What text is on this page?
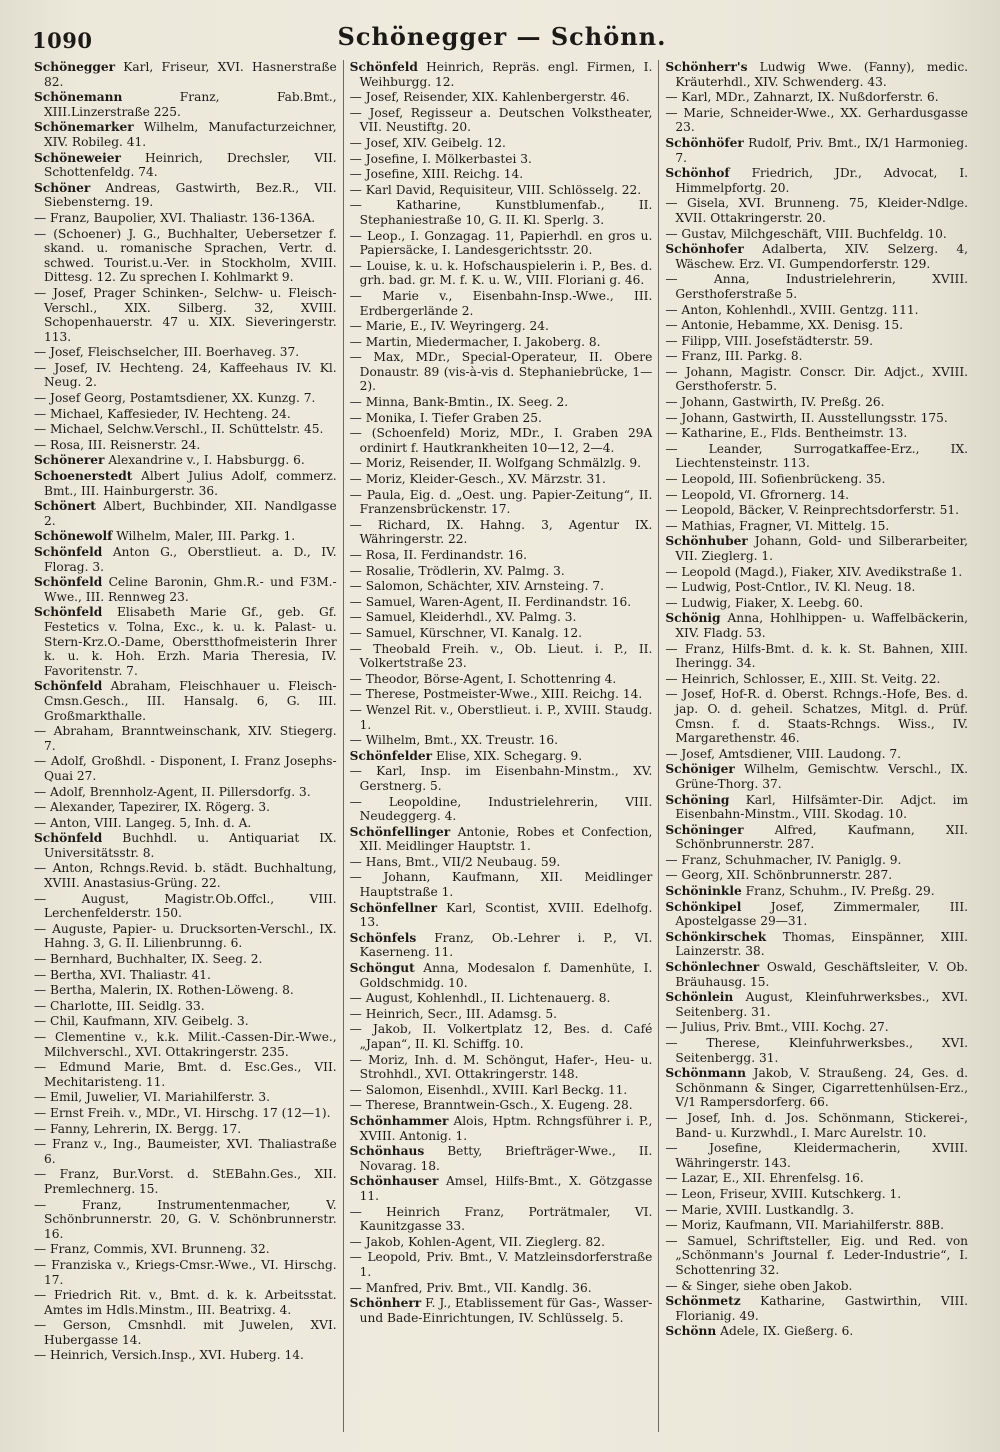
1090	Schönegger — Schönn.
Schönegger Karl, Friseur, XVI. Hasnerstraße 82.
Schönemann	Franz, Fab.Bmt., XIII.Linzerstraße 225.
Schönemarker Wilhelm, Manufacturzeichner, XIV. Robileg. 41.
Schöneweier Heinrich, Drechsler, VII. Schottenfeldg. 74.
Schöner Andreas, Gastwirth, Bez.R., VII. Siebensterng. 19.
— Franz, Baupolier, XVI. Thaliastr. 136-136A.
— (Schoener) J. G., Buchhalter, Uebersetzer f. skand. u. romanische Sprachen, Vertr. d. schwed. Tourist.u.-Ver. in Stockholm, XVIII. Dittesg. 12. Zu sprechen I. Kohlmarkt 9.
— Josef, Prager Schinken-, Selchw- u. Fleisch-Verschl., XIX. Silberg. 32, XVIII. Schopenhauerstr. 47 u. XIX. Sieveringerstr. 113.
— Josef, Fleischselcher, III. Boerhaveg. 37.
— Josef, IV. Hechteng. 24, Kaffeehaus IV. Kl. Neug. 2.
— Josef Georg, Postamtsdiener, XX. Kunzg. 7.
— Michael, Kaffesieder, IV. Hechteng. 24.
— Michael, Selchw.Verschl., II. Schüttelstr. 45.
— Rosa, III. Reisnerstr. 24.
Schönerer Alexandrine v., I. Habsburgg. 6.
Schoenerstedt Albert Julius Adolf, commerz. Bmt., III. Hainburgerstr. 36.
Schönert Albert, Buchbinder, XII. Nandlgasse 2.
Schönewolf Wilhelm, Maler, III. Parkg. 1.
Schönfeld Anton G., Oberstlieut. a. D., IV. Florag. 3.
Schönfeld Celine Baronin, Ghm.R.- und F3M.-Wwe., III. Rennweg 23.
Schönfeld Elisabeth Marie Gf., geb. Gf. Festetics v. Tolna, Exc., k. u. k. Palast- u. Stern-Krz.O.-Dame, Oberstthofmeisterin Ihrer k. u. k. Hoh. Erzh. Maria Theresia, IV. Favoritenstr. 7.
Schönfeld Abraham, Fleischhauer u. Fleisch-Cmsn.Gesch., III. Hansalg. 6, G. III. Großmarkthalle.
— Abraham, Branntweinschank, XIV. Stiegerg. 7.
— Adolf, Großhdl. - Disponent, I. Franz Josephs-Quai 27.
— Adolf, Brennholz-Agent, II. Pillersdorfg. 3.
— Alexander, Tapezirer, IX. Rögerg. 3.
— Anton, VIII. Langeg. 5, Inh. d. A.
Schönfeld Buchhdl. u. Antiquariat IX. Universitätsstr. 8.
— Anton, Rchngs.Revid. b. städt. Buchhaltung, XVIII. Anastasius-Grüng. 22.
— August, Magistr.Ob.Offcl., VIII. Lerchenfelderstr. 150.
— Auguste, Papier- u. Drucksorten-Verschl., IX. Hahng. 3, G. II. Lilienbrunng. 6.
— Bernhard, Buchhalter, IX. Seeg. 2.
— Bertha, XVI. Thaliastr. 41.
— Bertha, Malerin, IX. Rothen-Löweng. 8.
— Charlotte, III. Seidlg. 33.
— Chil, Kaufmann, XIV. Geibelg. 3.
— Clementine v., k.k. Milit.-Cassen-Dir.-Wwe., Milchverschl., XVI. Ottakringerstr. 235.
— Edmund Marie, Bmt. d. Esc.Ges., VII. Mechitaristeng. 11.
— Emil, Juwelier, VI. Mariahilferstr. 3.
— Ernst Freih. v., MDr., VI. Hirschg. 17 (12—1).
— Fanny, Lehrerin, IX. Bergg. 17.
— Franz v., Ing., Baumeister, XVI. Thaliastraße 6.
— Franz, Bur.Vorst. d. StEBahn.Ges., XII. Premlechnerg. 15.
— Franz, Instrumentenmacher, V. Schönbrunnerstr. 20, G. V. Schönbrunnerstr. 16.
— Franz, Commis, XVI. Brunneng. 32.
— Franziska v., Kriegs-Cmsr.-Wwe., VI. Hirschg. 17.
— Friedrich Rit. v., Bmt. d. k. k. Arbeitsstat. Amtes im Hdls.Minstm., III. Beatrixg. 4.
— Gerson, Cmsnhdl. mit Juwelen, XVI. Hubergasse 14.
— Heinrich, Versich.Insp., XVI. Huberg. 14.
Schönfeld Heinrich, Repräs. engl. Firmen, I. Weihburgg. 12.
— Josef, Reisender, XIX. Kahlenbergerstr. 46.
— Josef, Regisseur a. Deutschen Volkstheater, VII. Neustiftg. 20.
— Josef, XIV. Geibelg. 12.
— Josefine, I. Mölkerbastei 3.
— Josefine, XIII. Reichg. 14.
— Karl David, Requisiteur, VIII. Schlösselg. 22.
— Katharine, Kunstblumenfab., II. Stephaniestraße 10, G. II. Kl. Sperlg. 3.
— Leop., I. Gonzagag. 11, Papierhdl. en gros u. Papiersäcke, I. Landesgerichtsstr. 20.
— Louise, k. u. k. Hofschauspielerin i. P., Bes. d. grh. bad. gr. M. f. K. u. W., VIII. Floriani g. 46.
— Marie v., Eisenbahn-Insp.-Wwe., III. Erdbergerlände 2.
— Marie, E., IV. Weyringerg. 24.
— Martin, Miedermacher, I. Jakoberg. 8.
— Max, MDr., Special-Operateur, II. Obere Donaustr. 89 (vis-à-vis d. Stephaniebrücke, 1—2).
— Minna, Bank-Bmtin., IX. Seeg. 2.
— Monika, I. Tiefer Graben 25.
— (Schoenfeld) Moriz, MDr., I. Graben 29A ordinirt f. Hautkrankheiten 10—12, 2—4.
— Moriz, Reisender, II. Wolfgang Schmälzlg. 9.
— Moriz, Kleider-Gesch., XV. Märzstr. 31.
— Paula, Eig. d. „Oest. ung. Papier-Zeitung“, II. Franzensbrückenstr. 17.
— Richard, IX. Hahng. 3, Agentur IX. Währingerstr. 22.
— Rosa, II. Ferdinandstr. 16.
— Rosalie, Trödlerin, XV. Palmg. 3.
— Salomon, Schächter, XIV. Arnsteing. 7.
— Samuel, Waren-Agent, II. Ferdinandstr. 16.
— Samuel, Kleiderhdl., XV. Palmg. 3.
— Samuel, Kürschner, VI. Kanalg. 12.
— Theobald Freih. v., Ob. Lieut. i. P., II. Volkertstraße 23.
— Theodor, Börse-Agent, I. Schottenring 4.
— Therese, Postmeister-Wwe., XIII. Reichg. 14.
— Wenzel Rit. v., Oberstlieut. i. P., XVIII. Staudg. 1.
— Wilhelm, Bmt., XX. Treustr. 16.
Schönfelder Elise, XIX. Schegarg. 9.
— Karl, Insp. im Eisenbahn-Minstm., XV. Gerstnerg. 5.
— Leopoldine, Industrielehrerin, VIII. Neudeggerg. 4.
Schönfellinger Antonie, Robes et Confection, XII. Meidlinger Hauptstr. 1.
— Hans, Bmt., VII/2 Neubaug. 59.
— Johann, Kaufmann, XII. Meidlinger Hauptstraße 1.
Schönfellner Karl, Scontist, XVIII. Edelhofg. 13.
Schönfels Franz, Ob.-Lehrer i. P., VI. Kaserneng. 11.
Schöngut Anna, Modesalon f. Damenhüte, I. Goldschmidg. 10.
— August, Kohlenhdl., II. Lichtenauerg. 8.
— Heinrich, Secr., III. Adamsg. 5.
— Jakob, II. Volkertplatz 12, Bes. d. Café „Japan“, II. Kl. Schiffg. 10.
— Moriz, Inh. d. M. Schöngut, Hafer-, Heu- u. Strohhdl., XVI. Ottakringerstr. 148.
— Salomon, Eisenhdl., XVIII. Karl Beckg. 11.
— Therese, Branntwein-Gsch., X. Eugeng. 28.
Schönhammer Alois, Hptm. Rchngsführer i. P., XVIII. Antonig. 1.
Schönhaus Betty, Briefträger-Wwe., II. Novarag. 18.
Schönhauser Amsel, Hilfs-Bmt., X. Götzgasse 11.
— Heinrich Franz, Porträtmaler, VI. Kaunitzgasse 33.
— Jakob, Kohlen-Agent, VII. Zieglerg. 82.
— Leopold, Priv. Bmt., V. Matzleinsdorferstraße 1.
— Manfred, Priv. Bmt., VII. Kandlg. 36.
Schönherr F. J., Etablissement für Gas-, Wasser- und Bade-Einrichtungen, IV. Schlüsselg. 5.
Schönherr's Ludwig Wwe. (Fanny), medic. Kräuterhdl., XIV. Schwenderg. 43.
— Karl, MDr., Zahnarzt, IX. Nußdorferstr. 6.
— Marie, Schneider-Wwe., XX. Gerhardusgasse 23.
Schönhöfer Rudolf, Priv. Bmt., IX/1 Harmonieg. 7.
Schönhof Friedrich, JDr., Advocat, I. Himmelpfortg. 20.
— Gisela, XVI. Brunneng. 75, Kleider-Ndlge. XVII. Ottakringerstr. 20.
— Gustav, Milchgeschäft, VIII. Buchfeldg. 10.
Schönhofer Adalberta, XIV. Selzerg. 4, Wäschew. Erz. VI. Gumpendorferstr. 129.
— Anna, Industrielehrerin, XVIII. Gersthoferstraße 5.
— Anton, Kohlenhdl., XVIII. Gentzg. 111.
— Antonie, Hebamme, XX. Denisg. 15.
— Filipp, VIII. Josefstädterstr. 59.
— Franz, III. Parkg. 8.
— Johann, Magistr. Conscr. Dir. Adjct., XVIII. Gersthoferstr. 5.
— Johann, Gastwirth, IV. Preßg. 26.
— Johann, Gastwirth, II. Ausstellungsstr. 175.
— Katharine, E., Flds. Bentheimstr. 13.
— Leander, Surrogatkaffee-Erz., IX. Liechtensteinstr. 113.
— Leopold, III. Sofienbrückeng. 35.
— Leopold, VI. Gfrornerg. 14.
— Leopold, Bäcker, V. Reinprechtsdorferstr. 51.
— Mathias, Fragner, VI. Mittelg. 15.
Schönhuber Johann, Gold- und Silberarbeiter, VII. Zieglerg. 1.
— Leopold (Magd.), Fiaker, XIV. Avedikstraße 1.
— Ludwig, Post-Cntlor., IV. Kl. Neug. 18.
— Ludwig, Fiaker, X. Leebg. 60.
Schönig Anna, Hohlhippen- u. Waffelbäckerin, XIV. Fladg. 53.
— Franz, Hilfs-Bmt. d. k. k. St. Bahnen, XIII. Iheringg. 34.
— Heinrich, Schlosser, E., XIII. St. Veitg. 22.
— Josef, Hof-R. d. Oberst. Rchngs.-Hofe, Bes. d. jap. O. d. geheil. Schatzes, Mitgl. d. Prüf. Cmsn. f. d. Staats-Rchngs. Wiss., IV. Margarethenstr. 46.
— Josef, Amtsdiener, VIII. Laudong. 7.
Schöniger Wilhelm, Gemischtw. Verschl., IX. Grüne-Thorg. 37.
Schöning Karl, Hilfsämter-Dir. Adjct. im Eisenbahn-Minstm., VIII. Skodag. 10.
Schöninger	Alfred, Kaufmann, XII. Schönbrunnerstr. 287.
— Franz, Schuhmacher, IV. Paniglg. 9.
— Georg, XII. Schönbrunnerstr. 287.
Schöninkle Franz, Schuhm., IV. Preßg. 29.
Schönkipel Josef, Zimmermaler, III. Apostelgasse 29—31.
Schönkirschek Thomas, Einspänner, XIII. Lainzerstr. 38.
Schönlechner Oswald, Geschäftsleiter, V. Ob. Bräuhausg. 15.
Schönlein August, Kleinfuhrwerksbes., XVI. Seitenberg. 31.
— Julius, Priv. Bmt., VIII. Kochg. 27.
— Therese, Kleinfuhrwerksbes., XVI. Seitenbergg. 31.
Schönmann Jakob, V. Straußeng. 24, Ges. d. Schönmann & Singer, Cigarrettenhülsen-Erz., V/1 Rampersdorferg. 66.
— Josef, Inh. d. Jos. Schönmann, Stickerei-, Band- u. Kurzwhdl., I. Marc Aurelstr. 10.
— Josefine, Kleidermacherin, XVIII. Währingerstr. 143.
— Lazar, E., XII. Ehrenfelsg. 16.
— Leon, Friseur, XVIII. Kutschkerg. 1.
— Marie, XVIII. Lustkandlg. 3.
— Moriz, Kaufmann, VII. Mariahilferstr. 88B.
— Samuel, Schriftsteller, Eig. und Red. von „Schönmann's Journal f. Leder-Industrie“, I. Schottenring 32.
— & Singer, siehe oben Jakob.
Schönmetz Katharine, Gastwirthin, VIII. Florianig. 49.
Schönn Adele, IX. Gießerg. 6.
